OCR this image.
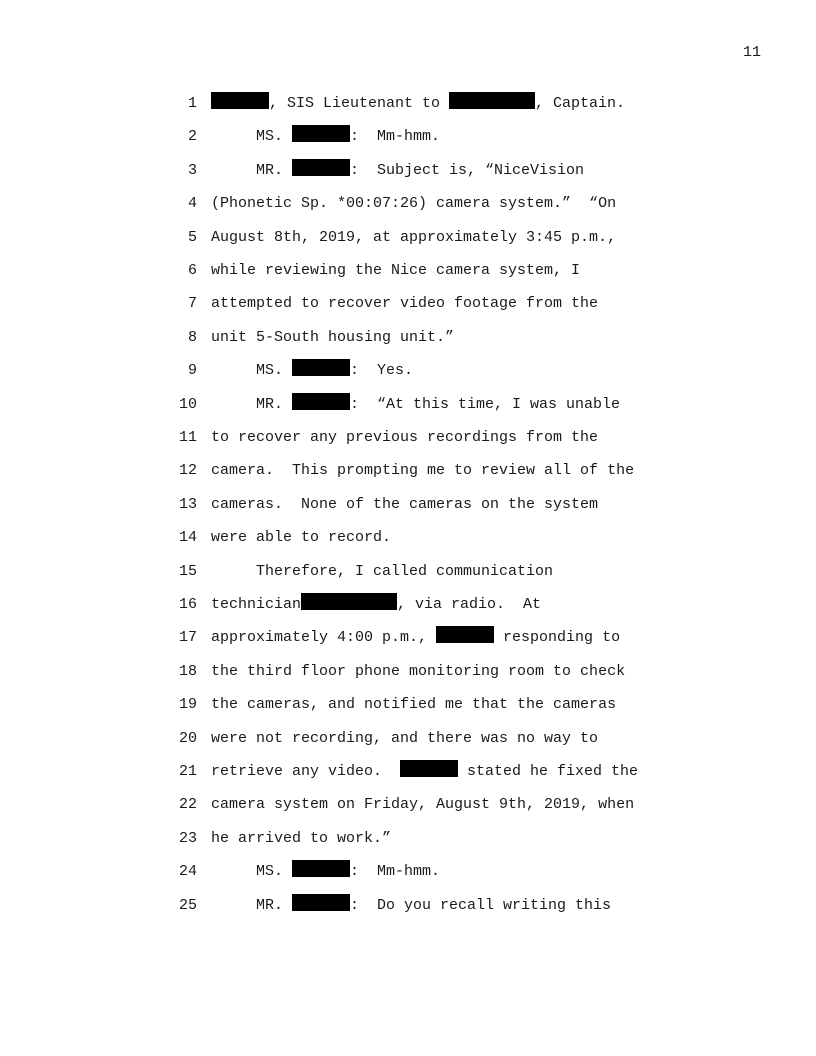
11
1	, SIS Lieutenant to	, Captain.
2 MS.	:  Mm-hmm.
3 MR.	:  Subject is, “NiceVision
4 (Phonetic Sp. *00:07:26) camera system.”  “On
5 August 8th, 2019, at approximately 3:45 p.m.,
6 while reviewing the Nice camera system, I
7 attempted to recover video footage from the
8 unit 5-South housing unit.”
9 MS.	:  Yes.
10 MR.	:  “At this time, I was unable
11 to recover any previous recordings from the
12 camera.  This prompting me to review all of the
13 cameras.  None of the cameras on the system
14 were able to record.
15 Therefore, I called communication
16 technician	, via radio.  At
17 approximately 4:00 p.m.,	responding to
18 the third floor phone monitoring room to check
19 the cameras, and notified me that the cameras
20 were not recording, and there was no way to
21 retrieve any video.	stated he fixed the
22 camera system on Friday, August 9th, 2019, when
23 he arrived to work.”
24 MS.	:  Mm-hmm.
25 MR.	:  Do you recall writing this
